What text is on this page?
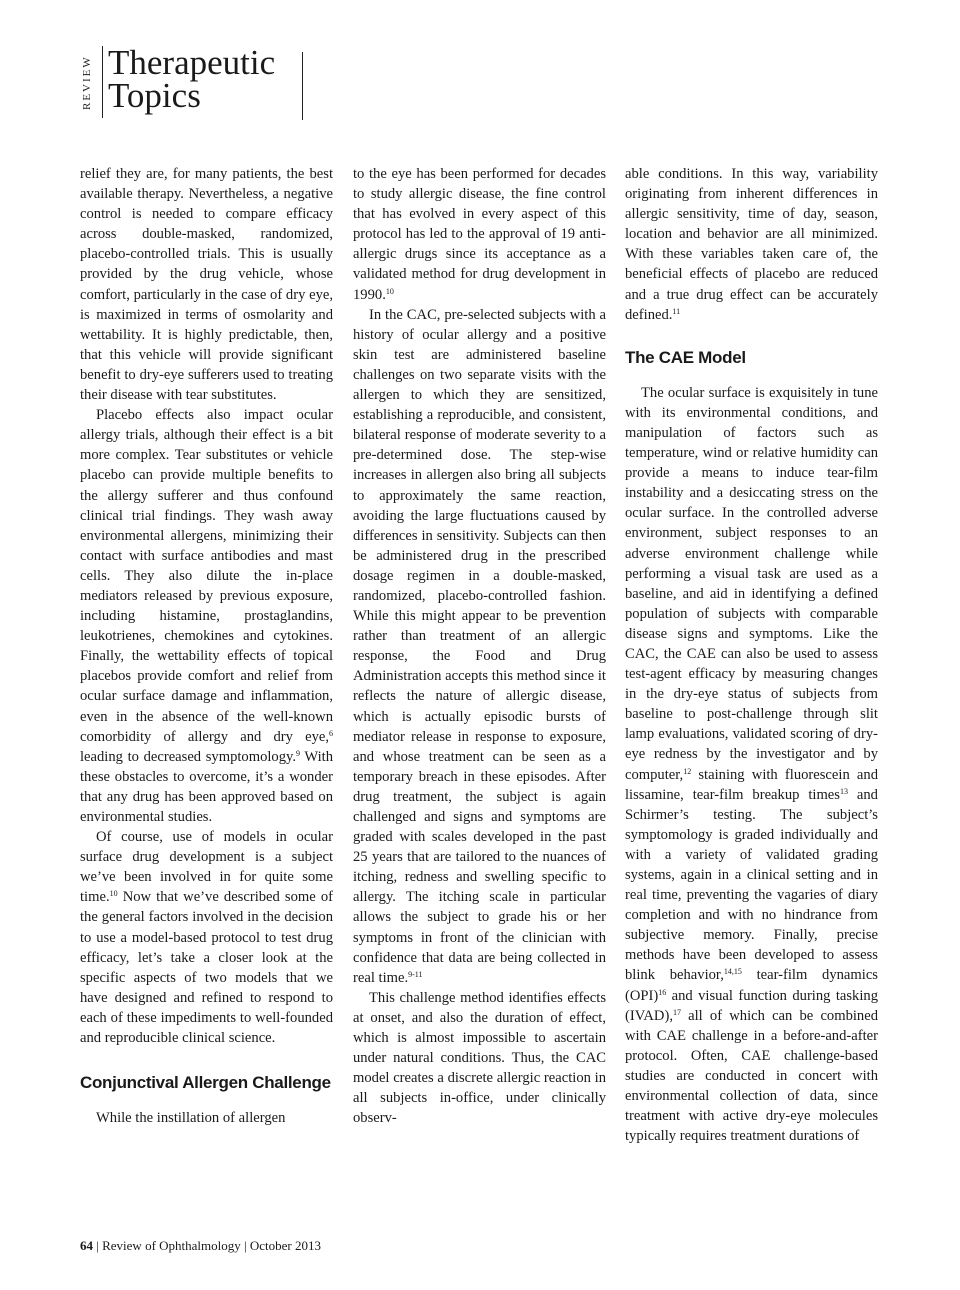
REVIEW Therapeutic
Topics

relief they are, for many patients, the best available therapy. Nevertheless, a negative control is needed to compare efficacy across double-masked, randomized, placebo-controlled trials. This is usually provided by the drug vehicle, whose comfort, particularly in the case of dry eye, is maximized in terms of osmolarity and wettability. It is highly predictable, then, that this vehicle will provide significant benefit to dry-eye sufferers used to treating their disease with tear substitutes.

Placebo effects also impact ocular allergy trials, although their effect is a bit more complex. Tear substitutes or vehicle placebo can provide multiple benefits to the allergy sufferer and thus confound clinical trial findings. They wash away environmental allergens, minimizing their contact with surface antibodies and mast cells. They also dilute the in-place mediators released by previous exposure, including histamine, prostaglandins, leukotrienes, chemokines and cytokines. Finally, the wettability effects of topical placebos provide comfort and relief from ocular surface damage and inflammation, even in the absence of the well-known comorbidity of allergy and dry eye,$^6$ leading to decreased symptomology.$^9$ With these obstacles to overcome, it’s a wonder that any drug has been approved based on environmental studies.

Of course, use of models in ocular surface drug development is a subject we’ve been involved in for quite some time.$^{10}$ Now that we’ve described some of the general factors involved in the decision to use a model-based protocol to test drug efficacy, let’s take a closer look at the specific aspects of two models that we have designed and refined to respond to each of these impediments to well-founded and reproducible clinical science.

Conjunctival Allergen Challenge

While the instillation of allergen

to the eye has been performed for decades to study allergic disease, the fine control that has evolved in every aspect of this protocol has led to the approval of 19 anti-allergic drugs since its acceptance as a validated method for drug development in 1990.10

In the CAC, pre-selected subjects with a history of ocular allergy and a positive skin test are administered baseline challenges on two separate visits with the allergen to which they are sensitized, establishing a reproducible, and consistent, bilateral response of moderate severity to a pre-determined dose. The step-wise increases in allergen also bring all subjects to approximately the same reaction, avoiding the large fluctuations caused by differences in sensitivity. Subjects can then be administered drug in the prescribed dosage regimen in a double-masked, randomized, placebo-controlled fashion. While this might appear to be prevention rather than treatment of an allergic response, the Food and Drug Administration accepts this method since it reflects the nature of allergic disease, which is actually episodic bursts of mediator release in response to exposure, and whose treatment can be seen as a temporary breach in these episodes. After drug treatment, the subject is again challenged and signs and symptoms are graded with scales developed in the past 25 years that are tailored to the nuances of itching, redness and swelling specific to allergy. The itching scale in particular allows the subject to grade his or her symptoms in front of the clinician with confidence that data are being collected in real time.$^{9-11}$

This challenge method identifies effects at onset, and also the duration of effect, which is almost impossible to ascertain under natural conditions. Thus, the CAC model creates a discrete allergic reaction in all subjects in-office, under clinically observ-

able conditions. In this way, variability originating from inherent differences in allergic sensitivity, time of day, season, location and behavior are all minimized. With these variables taken care of, the beneficial effects of placebo are reduced and a true drug effect can be accurately defined.$^{11}$

The CAE Model

The ocular surface is exquisitely in tune with its environmental conditions, and manipulation of factors such as temperature, wind or relative humidity can provide a means to induce tear-film instability and a desiccating stress on the ocular surface. In the controlled adverse environment, subject responses to an adverse environment challenge while performing a visual task are used as a baseline, and aid in identifying a defined population of subjects with comparable disease signs and symptoms. Like the CAC, the CAE can also be used to assess test-agent efficacy by measuring changes in the dry-eye status of subjects from baseline to post-challenge through slit lamp evaluations, validated scoring of dry-eye redness by the investigator and by computer,$^{12}$ staining with fluorescein and lissamine, tear-film breakup times$^{13}$ and Schirmer’s testing. The subject’s symptomology is graded individually and with a variety of validated grading systems, again in a clinical setting and in real time, preventing the vagaries of diary completion and with no hindrance from subjective memory. Finally, precise methods have been developed to assess blink behavior,$^{14,15}$ tear-film dynamics (OPI)$^{16}$ and visual function during tasking (IVAD),$^{17}$ all of which can be combined with CAE challenge in a before-and-after protocol. Often, CAE challenge-based studies are conducted in concert with environmental collection of data, since treatment with active dry-eye molecules typically requires treatment durations of

64 | Review of Ophthalmology | October 2013
